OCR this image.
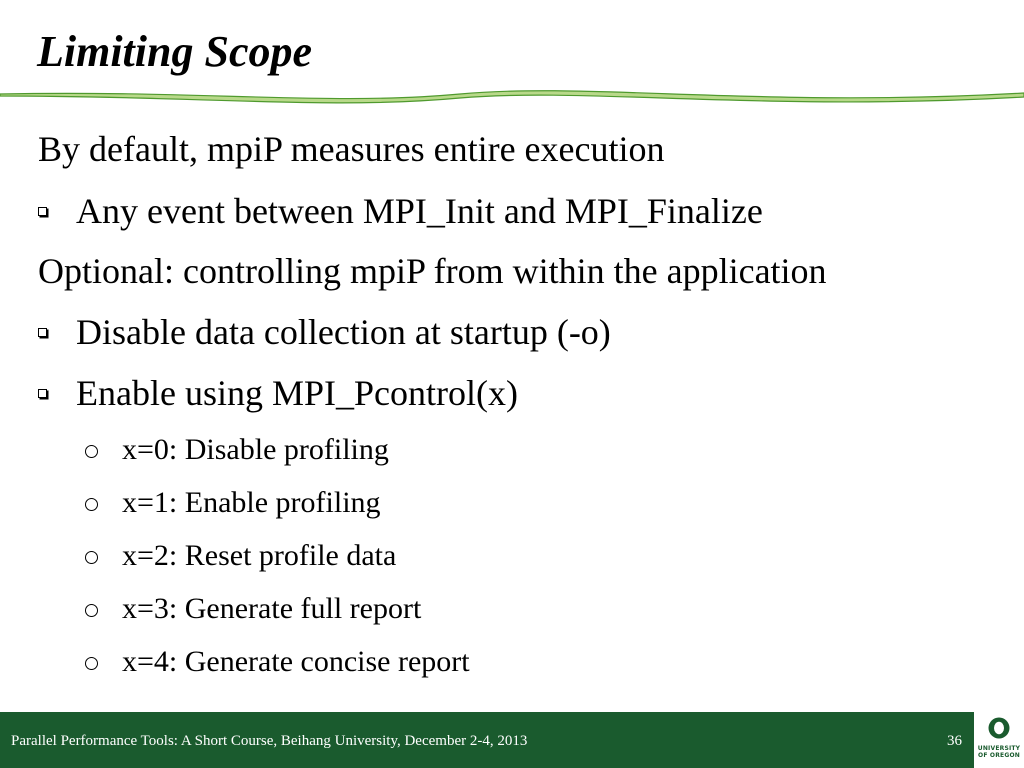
Limiting Scope
By default, mpiP measures entire execution
Any event between MPI_Init and MPI_Finalize
Optional: controlling mpiP from within the application
Disable data collection at startup (-o)
Enable using MPI_Pcontrol(x)
x=0: Disable profiling
x=1: Enable profiling
x=2: Reset profile data
x=3: Generate full report
x=4: Generate concise report
Parallel Performance Tools: A Short Course, Beihang University, December 2-4, 2013	36	UNIVERSITY
OF OREGON
